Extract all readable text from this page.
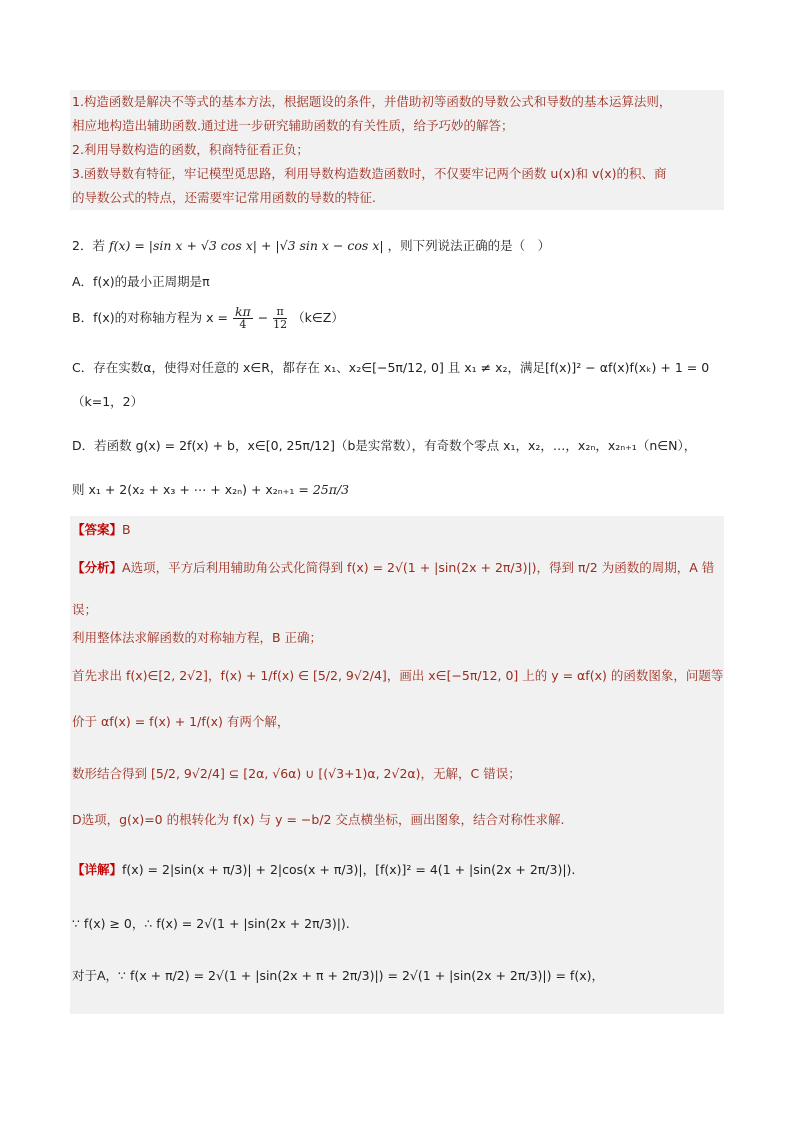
1.构造函数是解决不等式的基本方法，根据题设的条件，并借助初等函数的导数公式和导数的基本运算法则，

相应地构造出辅助函数.通过进一步研究辅助函数的有关性质，给予巧妙的解答；

2.利用导数构造的函数，积商特征看正负；

3.函数导数有特征，牢记模型觅思路，利用导数构造数造函数时，不仅要牢记两个函数 u(x)和 v(x)的积、商

的导数公式的特点，还需要牢记常用函数的导数的特征.

2．若 f(x) = |sin x + √3 cos x| + |√3 sin x − cos x| ，则下列说法正确的是（　）
A．f(x)的最小正周期是π
B．f(x)的对称轴方程为 $x = \frac{k\pi}{4} - \frac{\pi}{12}$ （k∈Z）
C．存在实数α，使得对任意的 x∈R，都存在 x₁、x₂∈[−5π/12, 0] 且 x₁ ≠ x₂，满足[f(x)]² − αf(x)f(xₖ) + 1 = 0
（k=1，2）
D．若函数 g(x) = 2f(x) + b，x∈[0, 25π/12]（b是实常数），有奇数个零点 x₁，x₂，…，x₂ₙ，x₂ₙ₊₁（n∈N），
则 x₁ + 2(x₂ + x₃ + ⋯ + x₂ₙ) + x₂ₙ₊₁ = 25π/3
【答案】B
【分析】A选项，平方后利用辅助角公式化简得到 f(x) = 2√(1 + |sin(2x + 2π/3)|)，得到 π/2 为函数的周期，A 错
误；
利用整体法求解函数的对称轴方程，B 正确；
首先求出 f(x)∈[2, 2√2]，f(x) + 1/f(x) ∈ [5/2, 9√2/4]，画出 x∈[−5π/12, 0] 上的 y = αf(x) 的函数图象，问题等
价于 αf(x) = f(x) + 1/f(x) 有两个解，
数形结合得到 [5/2, 9√2/4] ⊆ [2α, √6α) ∪ [(√3+1)α, 2√2α)，无解，C 错误；
D选项，g(x)=0 的根转化为 f(x) 与 y = −b/2 交点横坐标，画出图象，结合对称性求解.
【详解】f(x) = 2|sin(x + π/3)| + 2|cos(x + π/3)|，[f(x)]² = 4(1 + |sin(2x + 2π/3)|).
∵ f(x) ≥ 0，∴ f(x) = 2√(1 + |sin(2x + 2π/3)|).
对于A，∵ f(x + π/2) = 2√(1 + |sin(2x + π + 2π/3)|) = 2√(1 + |sin(2x + 2π/3)|) = f(x)，
